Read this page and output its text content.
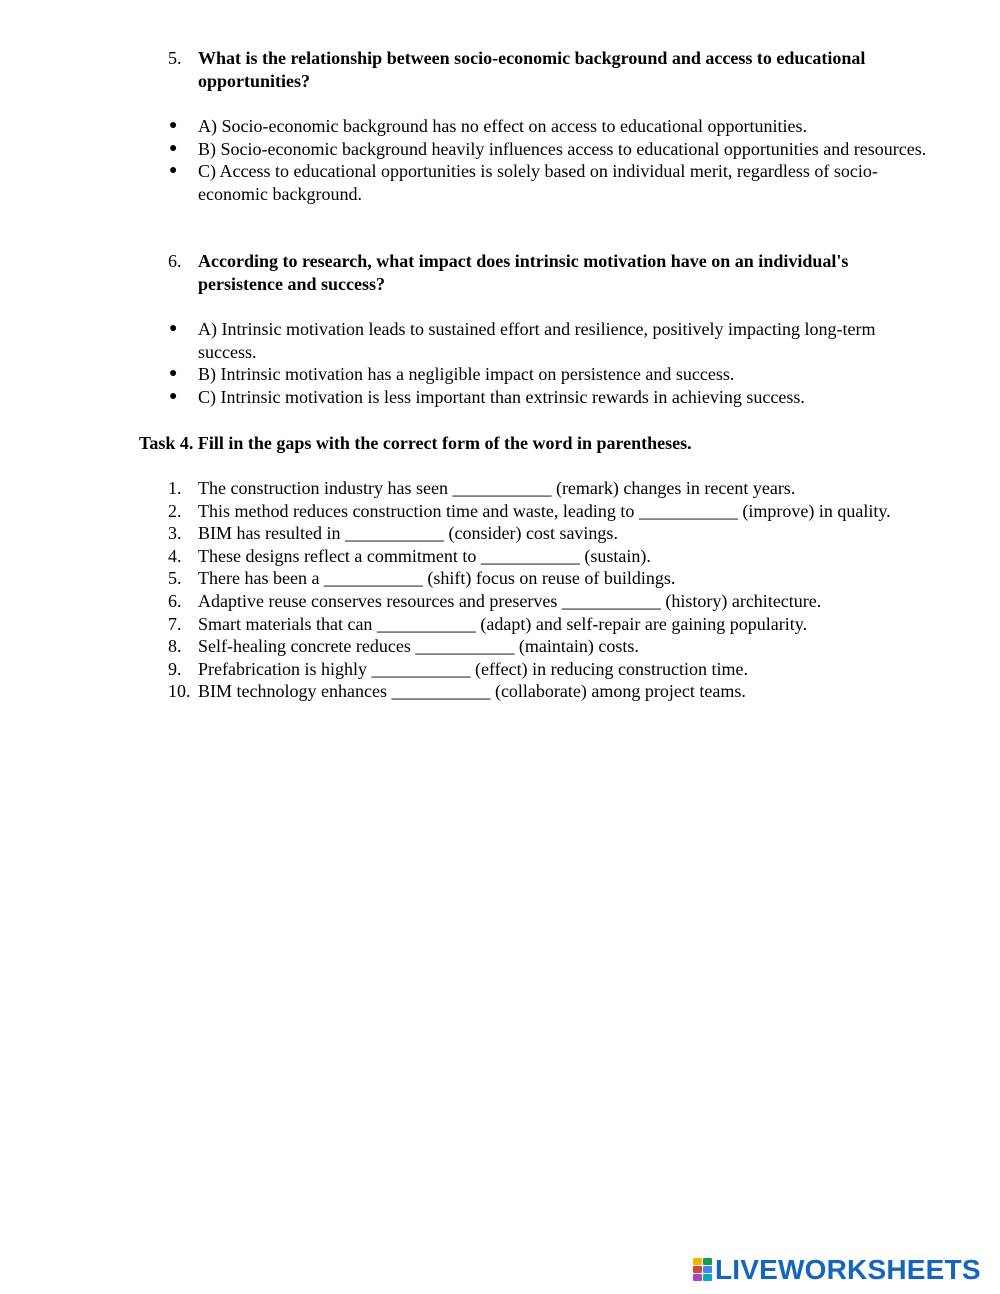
5. What is the relationship between socio-economic background and access to educational opportunities?
● A) Socio-economic background has no effect on access to educational opportunities.
● B) Socio-economic background heavily influences access to educational opportunities and resources.
● C) Access to educational opportunities is solely based on individual merit, regardless of socio-economic background.
6. According to research, what impact does intrinsic motivation have on an individual's persistence and success?
● A) Intrinsic motivation leads to sustained effort and resilience, positively impacting long-term success.
● B) Intrinsic motivation has a negligible impact on persistence and success.
● C) Intrinsic motivation is less important than extrinsic rewards in achieving success.
Task 4. Fill in the gaps with the correct form of the word in parentheses.
1. The construction industry has seen ___________ (remark) changes in recent years.
2. This method reduces construction time and waste, leading to ___________ (improve) in quality.
3. BIM has resulted in ___________ (consider) cost savings.
4. These designs reflect a commitment to ___________ (sustain).
5. There has been a ___________ (shift) focus on reuse of buildings.
6. Adaptive reuse conserves resources and preserves ___________ (history) architecture.
7. Smart materials that can ___________ (adapt) and self-repair are gaining popularity.
8. Self-healing concrete reduces ___________ (maintain) costs.
9. Prefabrication is highly ___________ (effect) in reducing construction time.
10. BIM technology enhances ___________ (collaborate) among project teams.
LIVEWORKSHEETS
